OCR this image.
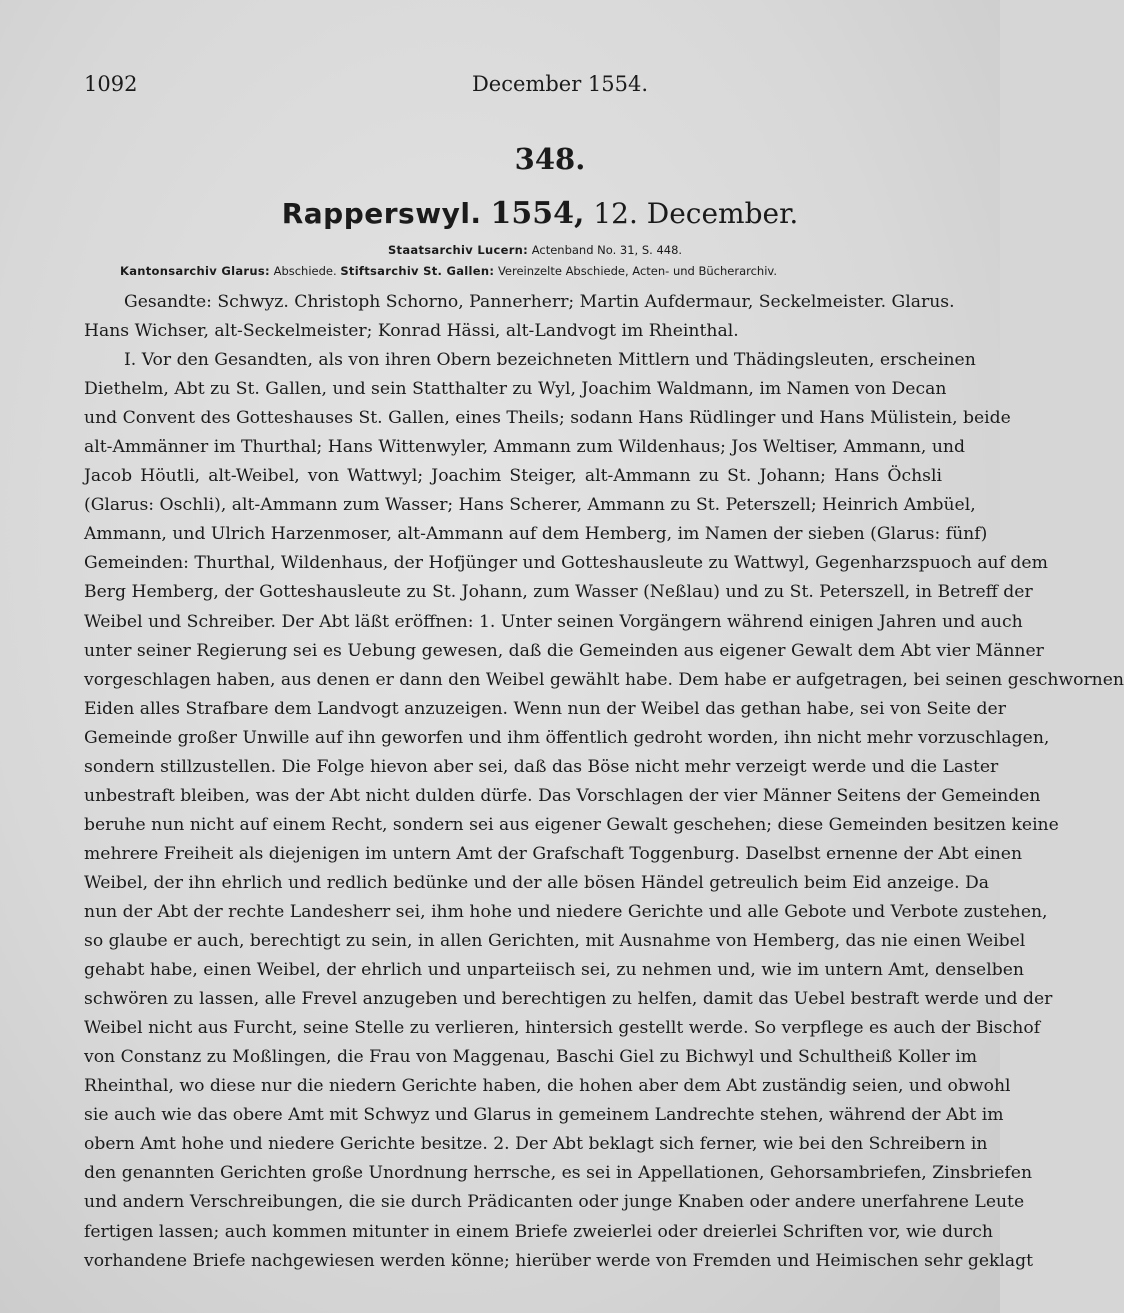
1092	December 1554.
348.
Rapperswyl. 1554, 12. December.
Staatsarchiv Lucern: Actenband No. 31, S. 448.
Kantonsarchiv Glarus: Abschiede. Stiftsarchiv St. Gallen: Vereinzelte Abschiede, Acten- und Bücherarchiv.
Gesandte: Schwyz. Christoph Schorno, Pannerherr; Martin Aufdermaur, Seckelmeister. Glarus.
Hans Wichser, alt-Seckelmeister; Konrad Hässi, alt-Landvogt im Rheinthal.
I. Vor den Gesandten, als von ihren Obern bezeichneten Mittlern und Thädingsleuten, erscheinen
Diethelm, Abt zu St. Gallen, und sein Statthalter zu Wyl, Joachim Waldmann, im Namen von Decan
und Convent des Gotteshauses St. Gallen, eines Theils; sodann Hans Rüdlinger und Hans Mülistein, beide
alt-Ammänner im Thurthal; Hans Wittenwyler, Ammann zum Wildenhaus; Jos Weltiser, Ammann, und
Jacob Höutli, alt-Weibel, von Wattwyl; Joachim Steiger, alt-Ammann zu St. Johann; Hans Öchsli
(Glarus: Oschli), alt-Ammann zum Wasser; Hans Scherer, Ammann zu St. Peterszell; Heinrich Ambüel,
Ammann, und Ulrich Harzenmoser, alt-Ammann auf dem Hemberg, im Namen der sieben (Glarus: fünf)
Gemeinden: Thurthal, Wildenhaus, der Hofjünger und Gotteshausleute zu Wattwyl, Gegenharzspuoch auf dem
Berg Hemberg, der Gotteshausleute zu St. Johann, zum Wasser (Neßlau) und zu St. Peterszell, in Betreff der
Weibel und Schreiber. Der Abt läßt eröffnen: 1. Unter seinen Vorgängern während einigen Jahren und auch
unter seiner Regierung sei es Uebung gewesen, daß die Gemeinden aus eigener Gewalt dem Abt vier Männer
vorgeschlagen haben, aus denen er dann den Weibel gewählt habe. Dem habe er aufgetragen, bei seinen geschwornen
Eiden alles Strafbare dem Landvogt anzuzeigen. Wenn nun der Weibel das gethan habe, sei von Seite der
Gemeinde großer Unwille auf ihn geworfen und ihm öffentlich gedroht worden, ihn nicht mehr vorzuschlagen,
sondern stillzustellen. Die Folge hievon aber sei, daß das Böse nicht mehr verzeigt werde und die Laster
unbestraft bleiben, was der Abt nicht dulden dürfe. Das Vorschlagen der vier Männer Seitens der Gemeinden
beruhe nun nicht auf einem Recht, sondern sei aus eigener Gewalt geschehen; diese Gemeinden besitzen keine
mehrere Freiheit als diejenigen im untern Amt der Grafschaft Toggenburg. Daselbst ernenne der Abt einen
Weibel, der ihn ehrlich und redlich bedünke und der alle bösen Händel getreulich beim Eid anzeige. Da
nun der Abt der rechte Landesherr sei, ihm hohe und niedere Gerichte und alle Gebote und Verbote zustehen,
so glaube er auch, berechtigt zu sein, in allen Gerichten, mit Ausnahme von Hemberg, das nie einen Weibel
gehabt habe, einen Weibel, der ehrlich und unparteiisch sei, zu nehmen und, wie im untern Amt, denselben
schwören zu lassen, alle Frevel anzugeben und berechtigen zu helfen, damit das Uebel bestraft werde und der
Weibel nicht aus Furcht, seine Stelle zu verlieren, hintersich gestellt werde. So verpflege es auch der Bischof
von Constanz zu Moßlingen, die Frau von Maggenau, Baschi Giel zu Bichwyl und Schultheiß Koller im
Rheinthal, wo diese nur die niedern Gerichte haben, die hohen aber dem Abt zuständig seien, und obwohl
sie auch wie das obere Amt mit Schwyz und Glarus in gemeinem Landrechte stehen, während der Abt im
obern Amt hohe und niedere Gerichte besitze. 2. Der Abt beklagt sich ferner, wie bei den Schreibern in
den genannten Gerichten große Unordnung herrsche, es sei in Appellationen, Gehorsambriefen, Zinsbriefen
und andern Verschreibungen, die sie durch Prädicanten oder junge Knaben oder andere unerfahrene Leute
fertigen lassen; auch kommen mitunter in einem Briefe zweierlei oder dreierlei Schriften vor, wie durch
vorhandene Briefe nachgewiesen werden könne; hierüber werde von Fremden und Heimischen sehr geklagt
